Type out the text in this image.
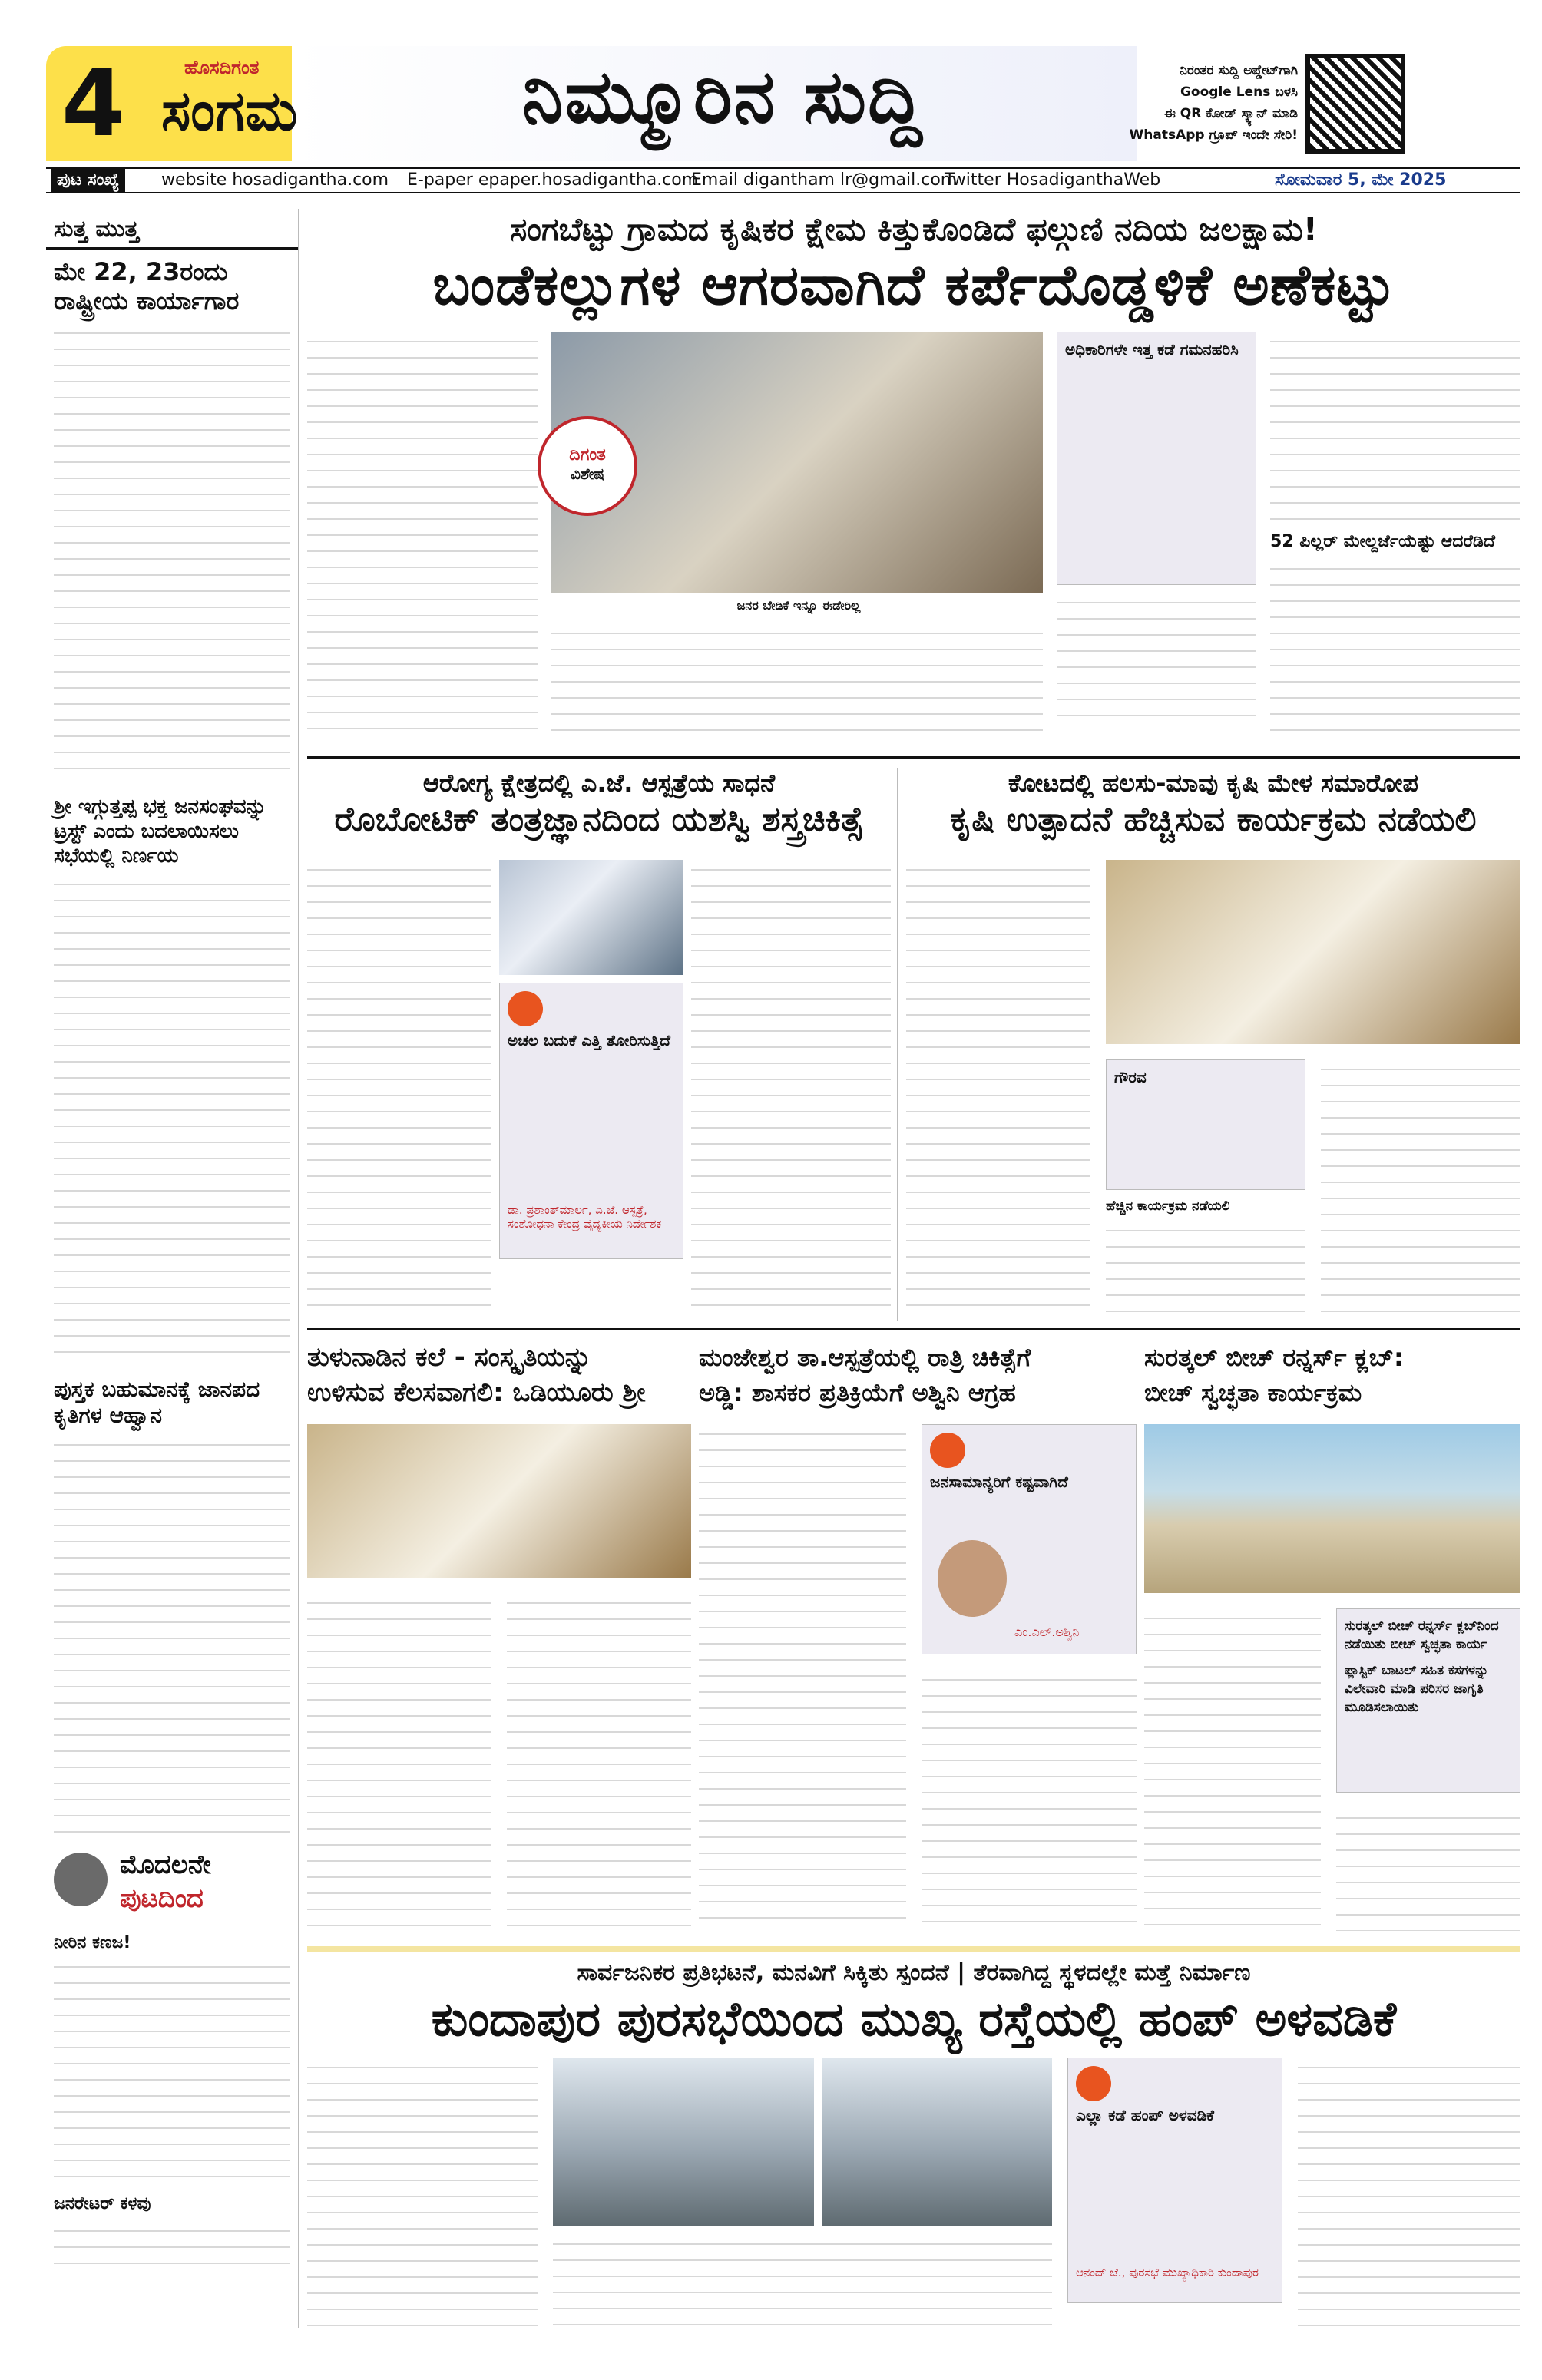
4	ಹೊಸದಿಗಂತ
ಸಂಗಮ	ನಿಮ್ಮೂರಿನ ಸುದ್ದಿ	ನಿರಂತರ ಸುದ್ದಿ ಅಪ್ಡೇಟ್‌ಗಾಗಿ
Google Lens ಬಳಸಿ
ಈ QR ಕೋಡ್ ಸ್ಕ್ಯಾನ್ ಮಾಡಿ
WhatsApp ಗ್ರೂಪ್ ಇಂದೇ ಸೇರಿ!
ಪುಟ ಸಂಖ್ಯೆ	website hosadigantha.com E-paper epaper.hosadigantha.com
Email digantham lr@gmail.com
Twitter HosadiganthaWeb	ಸೋಮವಾರ 5, ಮೇ 2025
ಸುತ್ತ ಮುತ್ತ
ಮೇ 22, 23ರಂದು ರಾಷ್ಟ್ರೀಯ ಕಾರ್ಯಾಗಾರ
ಶ್ರೀ ಇಗ್ಗುತ್ತಪ್ಪ ಭಕ್ತ ಜನಸಂಘವನ್ನು ಟ್ರಸ್ಟ್ ಎಂದು ಬದಲಾಯಿಸಲು ಸಭೆಯಲ್ಲಿ ನಿರ್ಣಯ
ಪುಸ್ತಕ ಬಹುಮಾನಕ್ಕೆ ಜಾನಪದ ಕೃತಿಗಳ ಆಹ್ವಾನ
ಮೊದಲನೇ
ಪುಟದಿಂದ
ನೀರಿನ ಕಣಜ!
ಜನರೇಟರ್ ಕಳವು
ಸಂಗಬೆಟ್ಟು ಗ್ರಾಮದ ಕೃಷಿಕರ ಕ್ಷೇಮ ಕಿತ್ತುಕೊಂಡಿದೆ ಫಲ್ಗುಣಿ ನದಿಯ ಜಲಕ್ಷಾಮ!
ಬಂಡೆಕಲ್ಲುಗಳ ಆಗರವಾಗಿದೆ ಕರ್ಪೆದೊಡ್ಡಳಿಕೆ ಅಣೆಕಟ್ಟು
ದಿಗಂತ
ವಿಶೇಷ
ಜನರ ಬೇಡಿಕೆ ಇನ್ನೂ ಈಡೇರಿಲ್ಲ
ಅಧಿಕಾರಿಗಳೇ ಇತ್ತ ಕಡೆ ಗಮನಹರಿಸಿ
52 ಪಿಲ್ಲರ್‌ ಮೇಲ್ದರ್ಜೆಯೆಷ್ಟು ಆದರೆಡಿದೆ
ಆರೋಗ್ಯ ಕ್ಷೇತ್ರದಲ್ಲಿ ಎ.ಜೆ. ಆಸ್ಪತ್ರೆಯ ಸಾಧನೆ
ರೊಬೋಟಿಕ್ ತಂತ್ರಜ್ಞಾನದಿಂದ ಯಶಸ್ವಿ ಶಸ್ತ್ರಚಿಕಿತ್ಸೆ
ಅಚಲ ಬದುಕೆ ಎತ್ತಿ ತೋರಿಸುತ್ತಿದೆ
ಡಾ. ಪ್ರಶಾಂತ್‌ಮಾರ್ಲ, ಎ.ಜೆ. ಆಸ್ಪತ್ರೆ, ಸಂಶೋಧನಾ ಕೇಂದ್ರ ವೈದ್ಯಕೀಯ ನಿರ್ದೇಶಕ
ಕೋಟದಲ್ಲಿ ಹಲಸು-ಮಾವು ಕೃಷಿ ಮೇಳ ಸಮಾರೋಪ
ಕೃಷಿ ಉತ್ಪಾದನೆ ಹೆಚ್ಚಿಸುವ ಕಾರ್ಯಕ್ರಮ ನಡೆಯಲಿ
ಗೌರವ
ಹೆಚ್ಚಿನ ಕಾರ್ಯಕ್ರಮ ನಡೆಯಲಿ
ತುಳುನಾಡಿನ ಕಲೆ - ಸಂಸ್ಕೃತಿಯನ್ನು
ಉಳಿಸುವ ಕೆಲಸವಾಗಲಿ: ಒಡಿಯೂರು ಶ್ರೀ
ಮಂಜೇಶ್ವರ ತಾ.ಆಸ್ಪತ್ರೆಯಲ್ಲಿ ರಾತ್ರಿ ಚಿಕಿತ್ಸೆಗೆ
ಅಡ್ಡಿ: ಶಾಸಕರ ಪ್ರತಿಕ್ರಿಯೆಗೆ ಅಶ್ವಿನಿ ಆಗ್ರಹ
ಜನಸಾಮಾನ್ಯರಿಗೆ ಕಷ್ಟವಾಗಿದೆ
ಎಂ.ಎಲ್.ಅಶ್ವಿನಿ
ಸುರತ್ಕಲ್ ಬೀಚ್ ರನ್ನರ್ಸ್ ಕ್ಲಬ್:
ಬೀಚ್ ಸ್ವಚ್ಛತಾ ಕಾರ್ಯಕ್ರಮ
ಸುರತ್ಕಲ್ ಬೀಚ್ ರನ್ನರ್ಸ್ ಕ್ಲಬ್‌ನಿಂದ ನಡೆಯಿತು ಬೀಚ್ ಸ್ವಚ್ಛತಾ ಕಾರ್ಯ
ಪ್ಲಾಸ್ಟಿಕ್ ಬಾಟಲ್ ಸಹಿತ ಕಸಗಳನ್ನು ವಿಲೇವಾರಿ ಮಾಡಿ ಪರಿಸರ ಜಾಗೃತಿ ಮೂಡಿಸಲಾಯಿತು
ಸಾರ್ವಜನಿಕರ ಪ್ರತಿಭಟನೆ, ಮನವಿಗೆ ಸಿಕ್ಕಿತು ಸ್ಪಂದನೆ | ತೆರವಾಗಿದ್ದ ಸ್ಥಳದಲ್ಲೇ ಮತ್ತೆ ನಿರ್ಮಾಣ
ಕುಂದಾಪುರ ಪುರಸಭೆಯಿಂದ ಮುಖ್ಯ ರಸ್ತೆಯಲ್ಲಿ ಹಂಪ್ ಅಳವಡಿಕೆ
ಎಲ್ಲಾ ಕಡೆ ಹಂಪ್ ಅಳವಡಿಕೆ
ಆನಂದ್ ಜೆ., ಪುರಸಭೆ ಮುಖ್ಯಾಧಿಕಾರಿ ಕುಂದಾಪುರ
